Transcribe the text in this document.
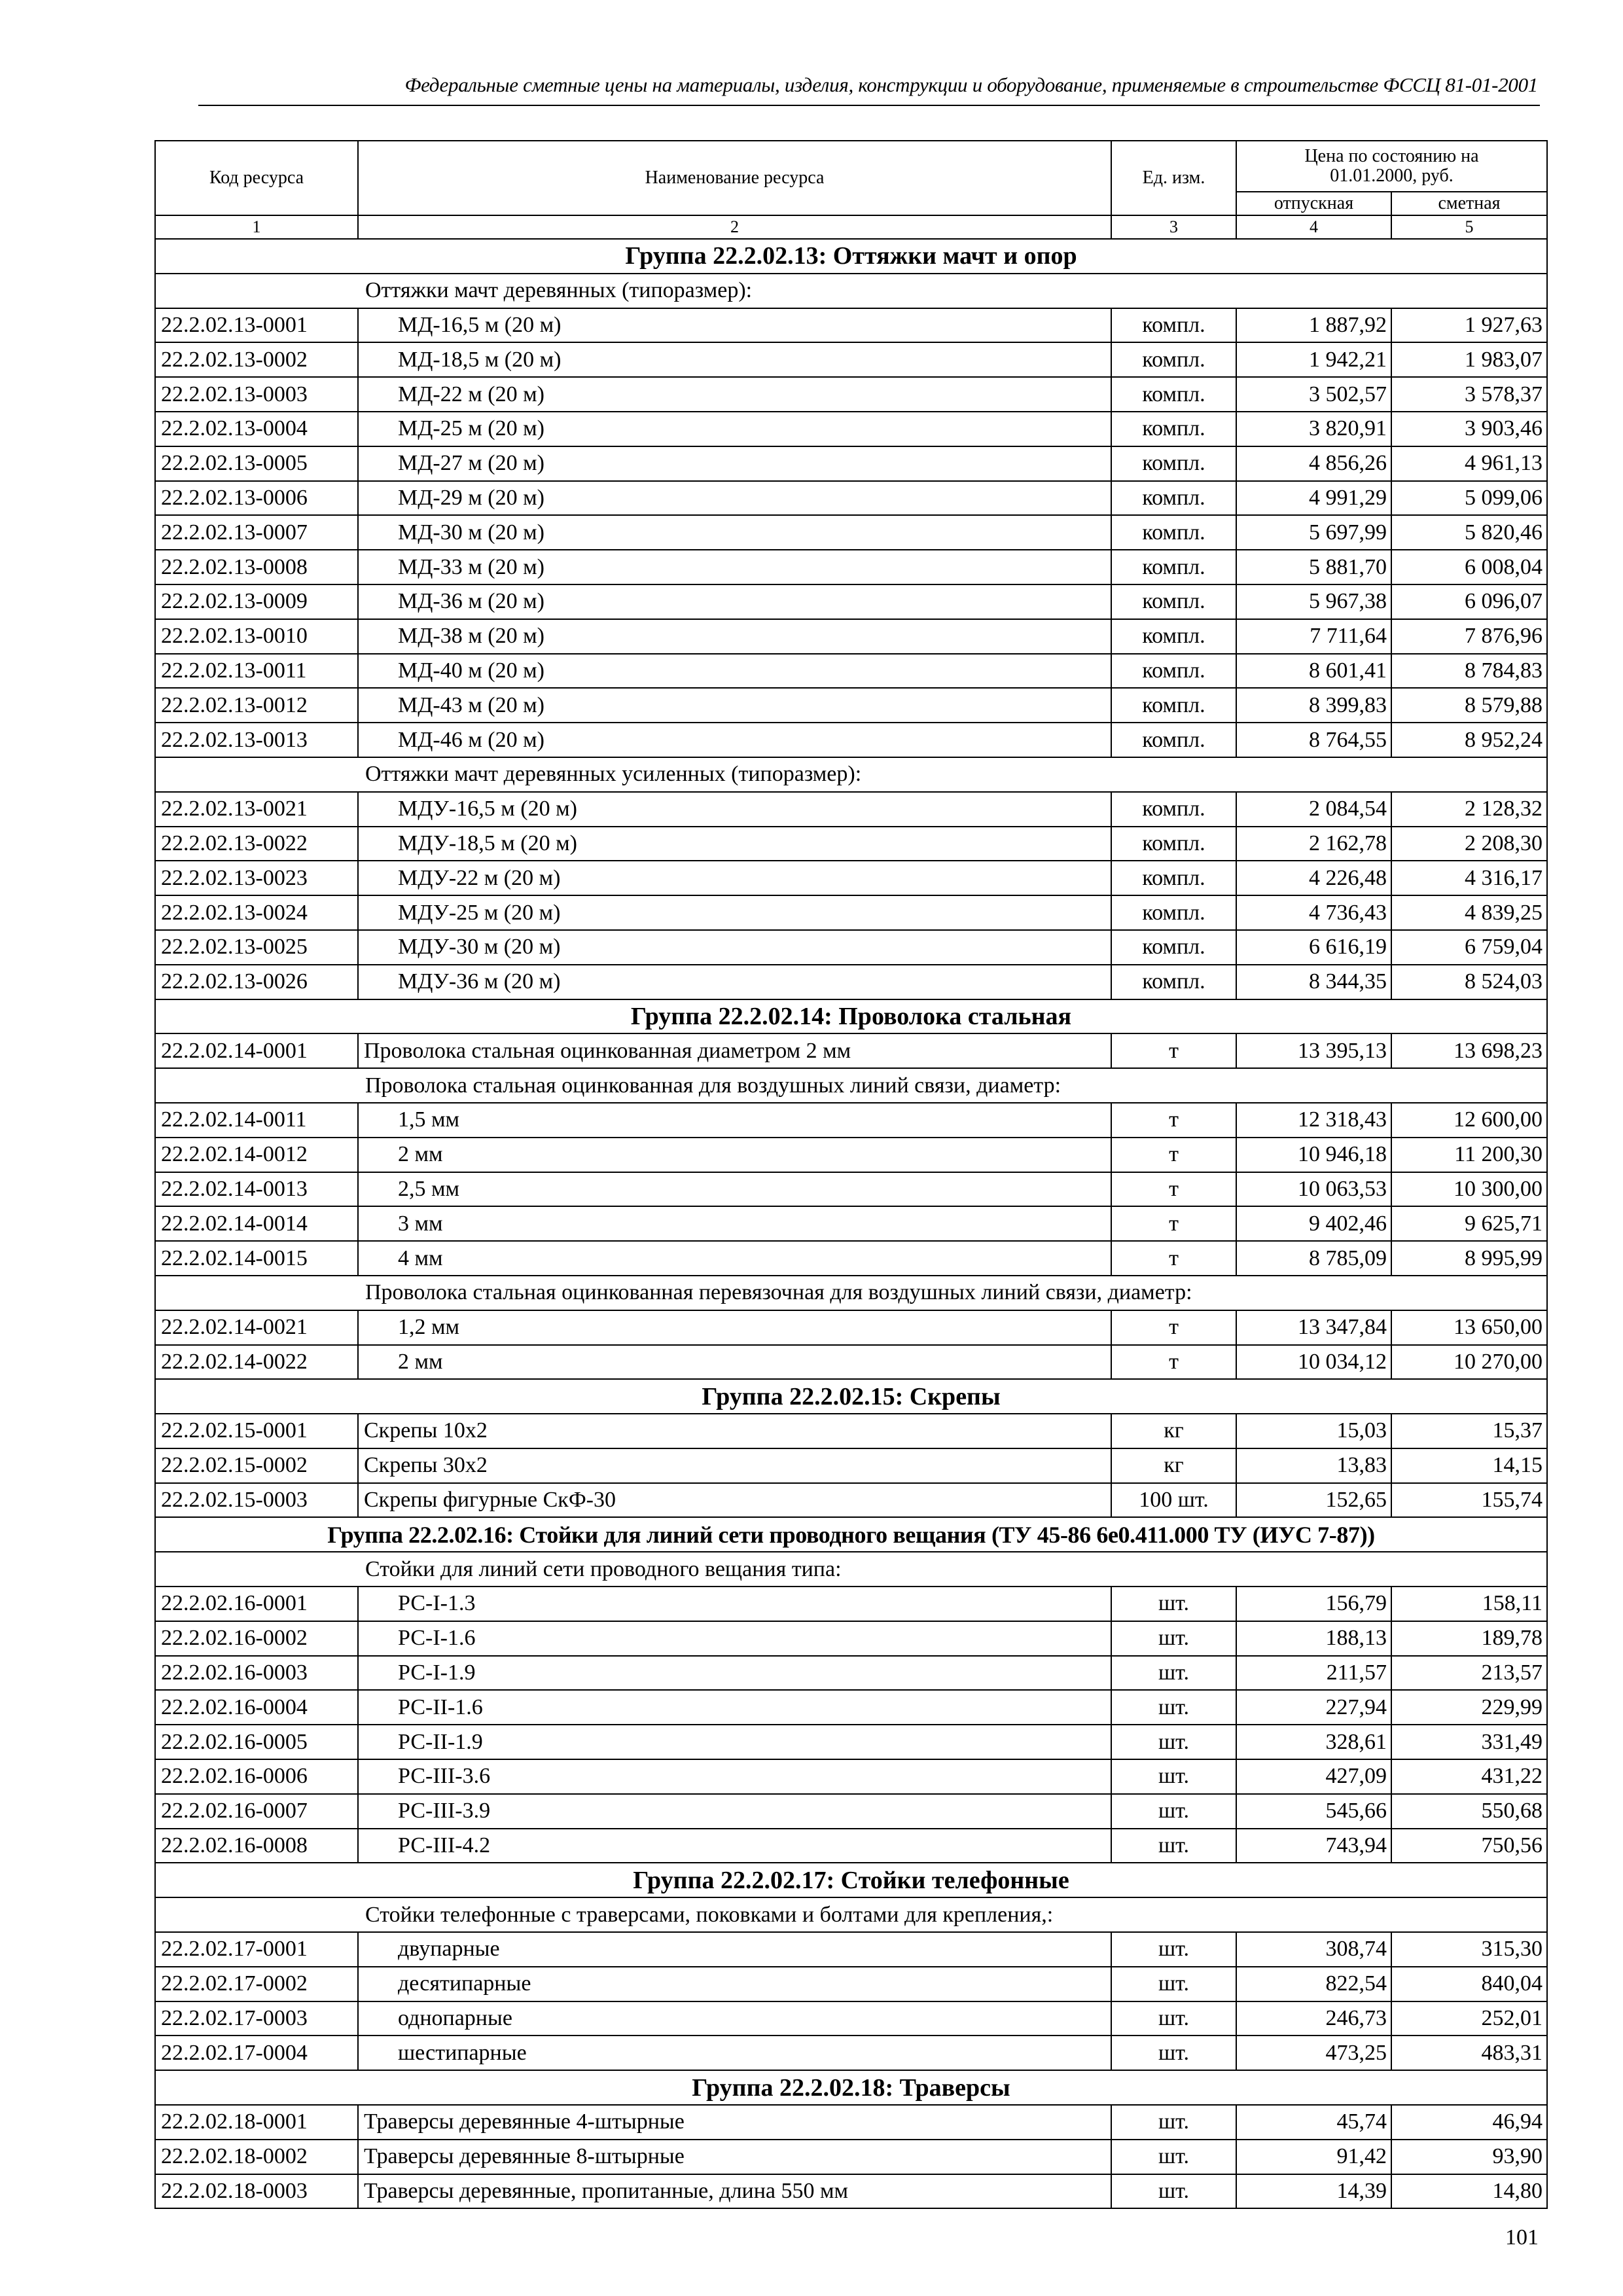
Федеральные сметные цены на материалы, изделия, конструкции и оборудование, применяемые в строительстве ФССЦ 81-01-2001
Код ресурса	Наименование ресурса	Ед. изм.	Цена по состоянию на 01.01.2000, руб.	
			отпускная	сметная
1	2	3	4	5
Группа 22.2.02.13: Оттяжки мачт и опор				
Оттяжки мачт деревянных (типоразмер):				
22.2.02.13-0001	МД-16,5 м (20 м)	компл.	1 887,92	1 927,63
22.2.02.13-0002	МД-18,5 м (20 м)	компл.	1 942,21	1 983,07
22.2.02.13-0003	МД-22 м (20 м)	компл.	3 502,57	3 578,37
22.2.02.13-0004	МД-25 м (20 м)	компл.	3 820,91	3 903,46
22.2.02.13-0005	МД-27 м (20 м)	компл.	4 856,26	4 961,13
22.2.02.13-0006	МД-29 м (20 м)	компл.	4 991,29	5 099,06
22.2.02.13-0007	МД-30 м (20 м)	компл.	5 697,99	5 820,46
22.2.02.13-0008	МД-33 м (20 м)	компл.	5 881,70	6 008,04
22.2.02.13-0009	МД-36 м (20 м)	компл.	5 967,38	6 096,07
22.2.02.13-0010	МД-38 м (20 м)	компл.	7 711,64	7 876,96
22.2.02.13-0011	МД-40 м (20 м)	компл.	8 601,41	8 784,83
22.2.02.13-0012	МД-43 м (20 м)	компл.	8 399,83	8 579,88
22.2.02.13-0013	МД-46 м (20 м)	компл.	8 764,55	8 952,24
Оттяжки мачт деревянных усиленных (типоразмер):				
22.2.02.13-0021	МДУ-16,5 м (20 м)	компл.	2 084,54	2 128,32
22.2.02.13-0022	МДУ-18,5 м (20 м)	компл.	2 162,78	2 208,30
22.2.02.13-0023	МДУ-22 м (20 м)	компл.	4 226,48	4 316,17
22.2.02.13-0024	МДУ-25 м (20 м)	компл.	4 736,43	4 839,25
22.2.02.13-0025	МДУ-30 м (20 м)	компл.	6 616,19	6 759,04
22.2.02.13-0026	МДУ-36 м (20 м)	компл.	8 344,35	8 524,03
Группа 22.2.02.14: Проволока стальная				
22.2.02.14-0001	Проволока стальная оцинкованная диаметром 2 мм	т	13 395,13	13 698,23
Проволока стальная оцинкованная для воздушных линий связи, диаметр:				
22.2.02.14-0011	1,5 мм	т	12 318,43	12 600,00
22.2.02.14-0012	2 мм	т	10 946,18	11 200,30
22.2.02.14-0013	2,5 мм	т	10 063,53	10 300,00
22.2.02.14-0014	3 мм	т	9 402,46	9 625,71
22.2.02.14-0015	4 мм	т	8 785,09	8 995,99
Проволока стальная оцинкованная перевязочная для воздушных линий связи, диаметр:				
22.2.02.14-0021	1,2 мм	т	13 347,84	13 650,00
22.2.02.14-0022	2 мм	т	10 034,12	10 270,00
Группа 22.2.02.15: Скрепы				
22.2.02.15-0001	Скрепы 10х2	кг	15,03	15,37
22.2.02.15-0002	Скрепы 30х2	кг	13,83	14,15
22.2.02.15-0003	Скрепы фигурные СкФ-30	100 шт.	152,65	155,74
Группа 22.2.02.16: Стойки для линий сети проводного вещания (ТУ 45-86 6е0.411.000 ТУ (ИУС 7-87))				
Стойки для линий сети проводного вещания типа:				
22.2.02.16-0001	РС-I-1.3	шт.	156,79	158,11
22.2.02.16-0002	РС-I-1.6	шт.	188,13	189,78
22.2.02.16-0003	РС-I-1.9	шт.	211,57	213,57
22.2.02.16-0004	РС-II-1.6	шт.	227,94	229,99
22.2.02.16-0005	РС-II-1.9	шт.	328,61	331,49
22.2.02.16-0006	РС-III-3.6	шт.	427,09	431,22
22.2.02.16-0007	РС-III-3.9	шт.	545,66	550,68
22.2.02.16-0008	РС-III-4.2	шт.	743,94	750,56
Группа 22.2.02.17: Стойки телефонные				
Стойки телефонные с траверсами, поковками и болтами для крепления,:				
22.2.02.17-0001	двупарные	шт.	308,74	315,30
22.2.02.17-0002	десятипарные	шт.	822,54	840,04
22.2.02.17-0003	однопарные	шт.	246,73	252,01
22.2.02.17-0004	шестипарные	шт.	473,25	483,31
Группа 22.2.02.18: Траверсы				
22.2.02.18-0001	Траверсы деревянные 4-штырные	шт.	45,74	46,94
22.2.02.18-0002	Траверсы деревянные 8-штырные	шт.	91,42	93,90
22.2.02.18-0003	Траверсы деревянные, пропитанные, длина 550 мм	шт.	14,39	14,80
101
